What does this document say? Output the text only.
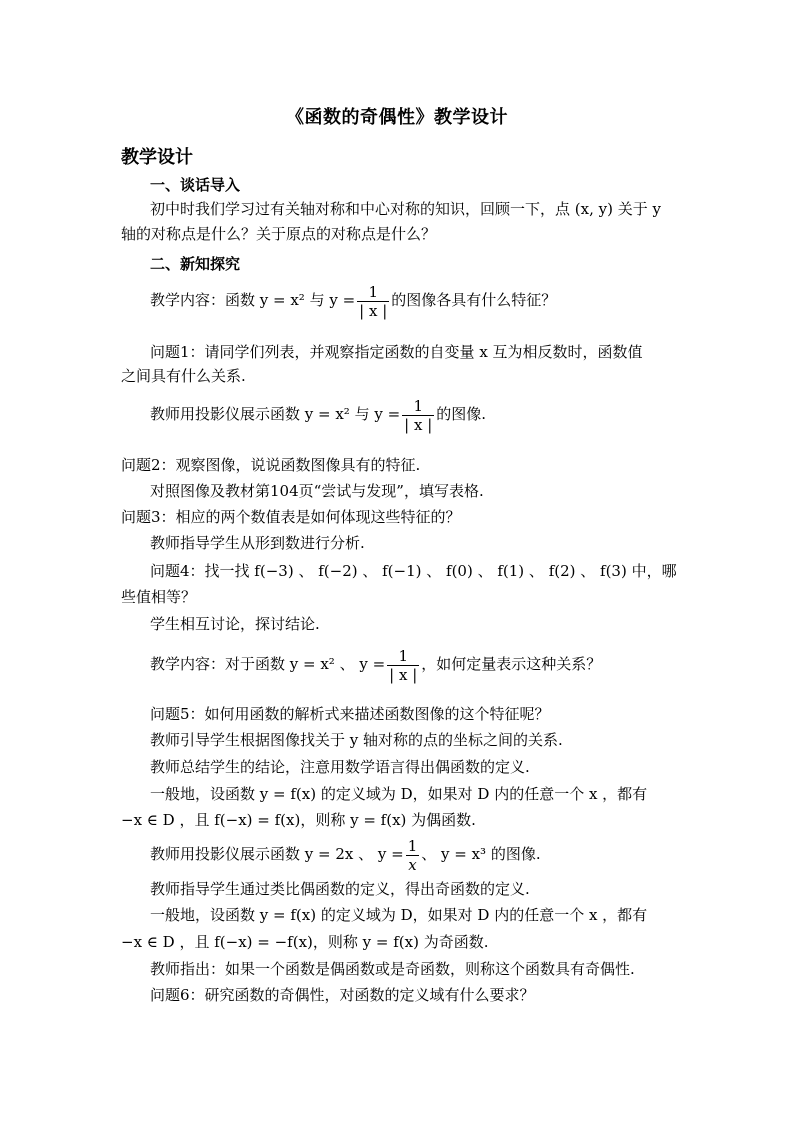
《函数的奇偶性》教学设计
教学设计
一、谈话导入
初中时我们学习过有关轴对称和中心对称的知识，回顾一下，点 (x, y) 关于 y
轴的对称点是什么？关于原点的对称点是什么？
二、新知探究
教学内容：函数 y = x² 与 $y = \frac{1}{| x |}$ 的图像各具有什么特征？
问题1：请同学们列表，并观察指定函数的自变量 x 互为相反数时，函数值
之间具有什么关系.
教师用投影仪展示函数 y = x² 与 $y = \frac{1}{| x |}$ 的图像.
问题2：观察图像，说说函数图像具有的特征.
对照图像及教材第104页“尝试与发现”，填写表格.
问题3：相应的两个数值表是如何体现这些特征的？
教师指导学生从形到数进行分析.
问题4：找一找 f(−3) 、 f(−2) 、 f(−1) 、 f(0) 、 f(1) 、 f(2) 、 f(3) 中，哪
些值相等？
学生相互讨论，探讨结论.
教学内容：对于函数 y = x² 、 $y = \frac{1}{| x |}$ ，如何定量表示这种关系？
问题5：如何用函数的解析式来描述函数图像的这个特征呢？
教师引导学生根据图像找关于 y 轴对称的点的坐标之间的关系.
教师总结学生的结论，注意用数学语言得出偶函数的定义.
一般地，设函数 y = f(x) 的定义域为 D，如果对 D 内的任意一个 x ，都有
−x ∈ D ，且 f(−x) = f(x)，则称 y = f(x) 为偶函数.
教师用投影仪展示函数 y = 2x 、 $y = \frac{1}{x}$ 、 y = x³ 的图像.
教师指导学生通过类比偶函数的定义，得出奇函数的定义.
一般地，设函数 y = f(x) 的定义域为 D，如果对 D 内的任意一个 x ，都有
−x ∈ D ，且 f(−x) = −f(x)，则称 y = f(x) 为奇函数.
教师指出：如果一个函数是偶函数或是奇函数，则称这个函数具有奇偶性.
问题6：研究函数的奇偶性，对函数的定义域有什么要求？
